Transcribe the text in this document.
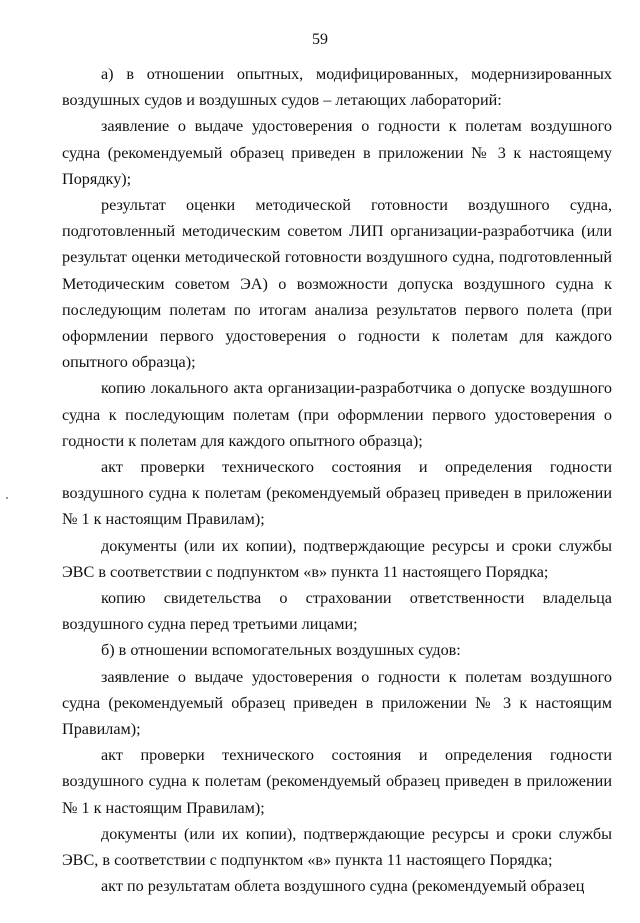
59

а) в отношении опытных, модифицированных, модернизированных воздушных судов и воздушных судов – летающих лабораторий:

заявление о выдаче удостоверения о годности к полетам воздушного судна (рекомендуемый образец приведен в приложении № 3 к настоящему Порядку);

результат оценки методической готовности воздушного судна, подготовленный методическим советом ЛИП организации-разработчика (или результат оценки методической готовности воздушного судна, подготовленный Методическим советом ЭА) о возможности допуска воздушного судна к последующим полетам по итогам анализа результатов первого полета (при оформлении первого удостоверения о годности к полетам для каждого опытного образца);

копию локального акта организации-разработчика о допуске воздушного судна к последующим полетам (при оформлении первого удостоверения о годности к полетам для каждого опытного образца);

акт проверки технического состояния и определения годности воздушного судна к полетам (рекомендуемый образец приведен в приложении № 1 к настоящим Правилам);

документы (или их копии), подтверждающие ресурсы и сроки службы ЭВС в соответствии с подпунктом «в» пункта 11 настоящего Порядка;

копию свидетельства о страховании ответственности владельца воздушного судна перед третьими лицами;

б) в отношении вспомогательных воздушных судов:

заявление о выдаче удостоверения о годности к полетам воздушного судна (рекомендуемый образец приведен в приложении № 3 к настоящим Правилам);

акт проверки технического состояния и определения годности воздушного судна к полетам (рекомендуемый образец приведен в приложении № 1 к настоящим Правилам);

документы (или их копии), подтверждающие ресурсы и сроки службы ЭВС, в соответствии с подпунктом «в» пункта 11 настоящего Порядка;

акт по результатам облета воздушного судна (рекомендуемый образец
